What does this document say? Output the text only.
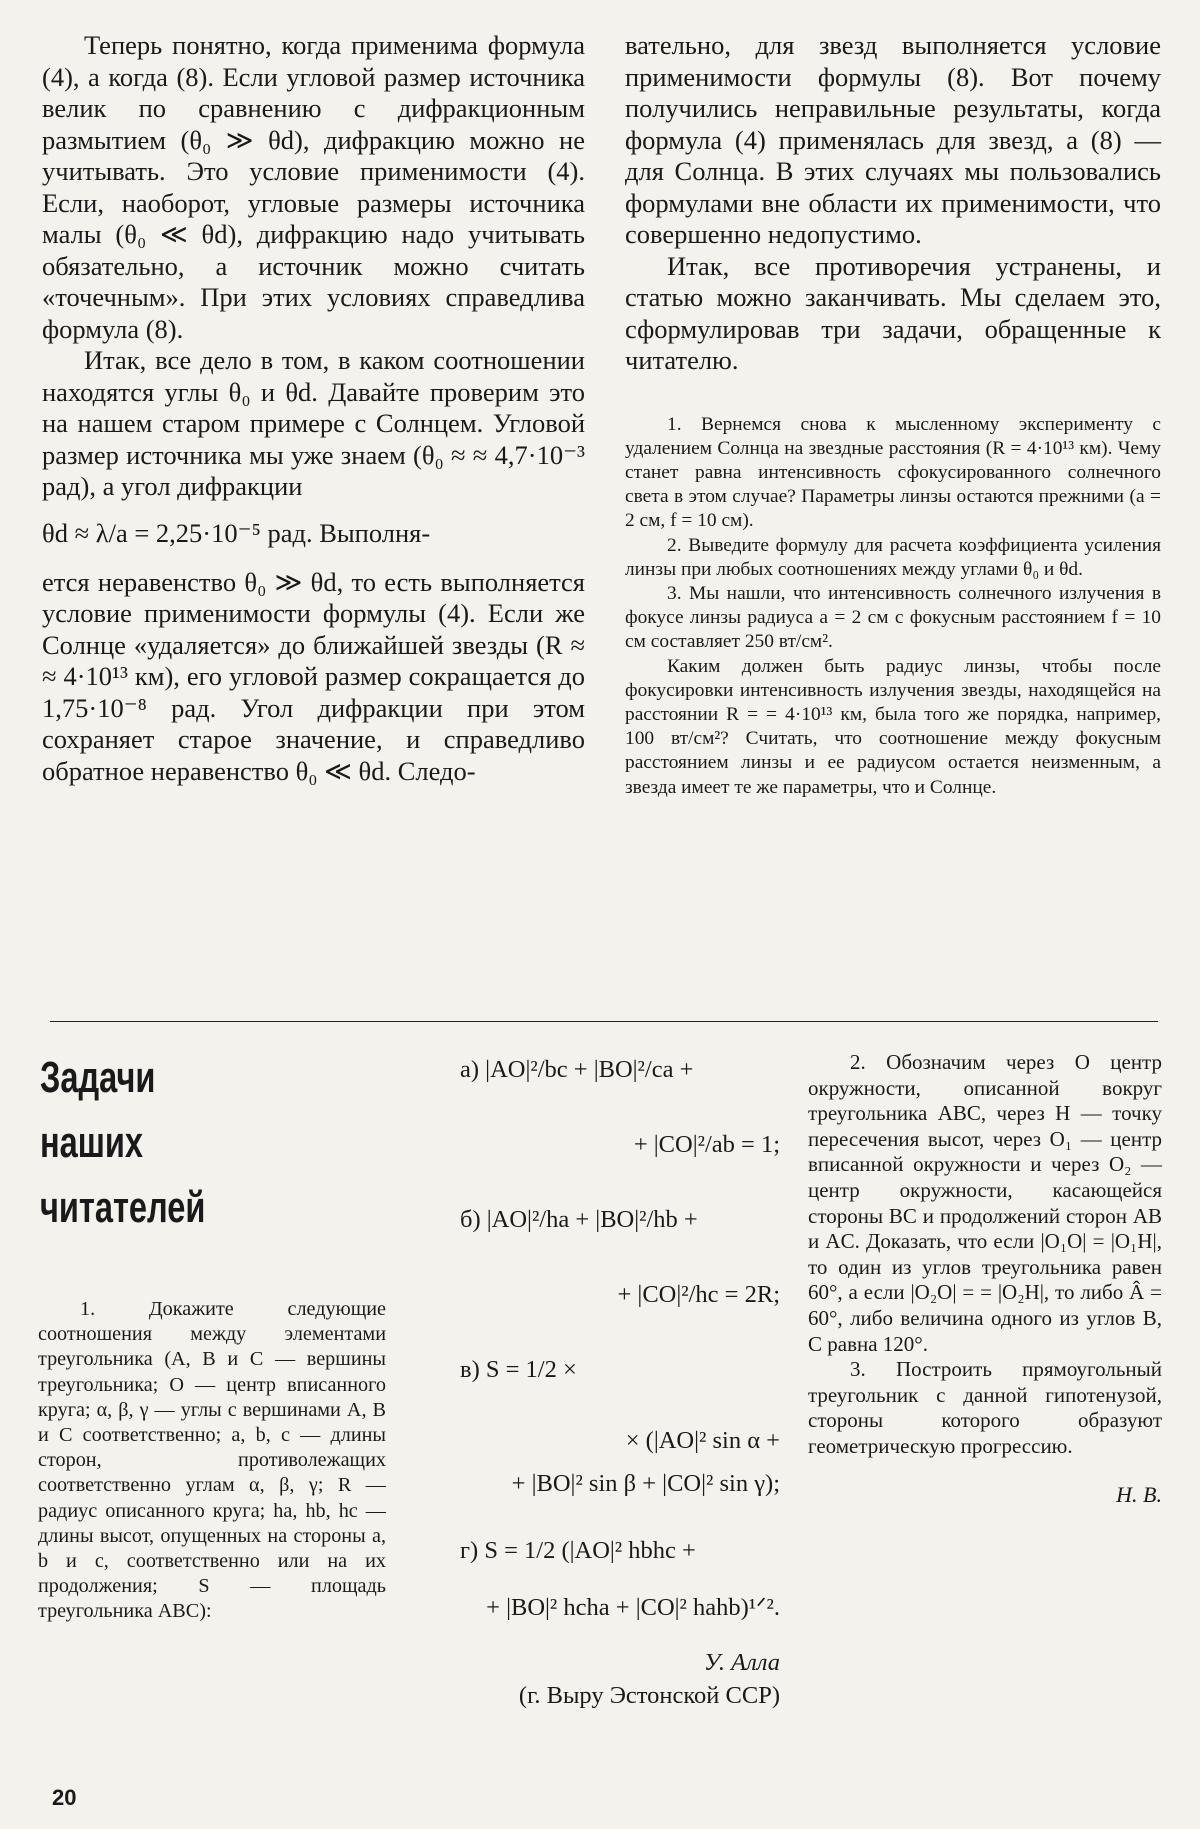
Теперь понятно, когда применима формула (4), а когда (8). Если угловой размер источника велик по сравнению с дифракционным размытием (θ₀ ≫ θd), дифракцию можно не учитывать. Это условие применимости (4). Если, наоборот, угловые размеры источника малы (θ₀ ≪ θd), дифракцию надо учитывать обязательно, а источник можно считать «точечным». При этих условиях справедлива формула (8).

Итак, все дело в том, в каком соотношении находятся углы θ₀ и θd. Давайте проверим это на нашем старом примере с Солнцем. Угловой размер источника мы уже знаем (θ₀ ≈ ≈ 4,7·10⁻³ рад), а угол дифракции

θd ≈ λ/a = 2,25·10⁻⁵ рад. Выполня-

ется неравенство θ₀ ≫ θd, то есть выполняется условие применимости формулы (4). Если же Солнце «удаляется» до ближайшей звезды (R ≈ ≈ 4·10¹³ км), его угловой размер сокращается до 1,75·10⁻⁸ рад. Угол дифракции при этом сохраняет старое значение, и справедливо обратное неравенство θ₀ ≪ θd. Следо-

вательно, для звезд выполняется условие применимости формулы (8). Вот почему получились неправильные результаты, когда формула (4) применялась для звезд, а (8) — для Солнца. В этих случаях мы пользовались формулами вне области их применимости, что совершенно недопустимо.

Итак, все противоречия устранены, и статью можно заканчивать. Мы сделаем это, сформулировав три задачи, обращенные к читателю.

1. Вернемся снова к мысленному эксперименту с удалением Солнца на звездные расстояния (R = 4·10¹³ км). Чему станет равна интенсивность сфокусированного солнечного света в этом случае? Параметры линзы остаются прежними (a = 2 см, f = 10 см).

2. Выведите формулу для расчета коэффициента усиления линзы при любых соотношениях между углами θ₀ и θd.

3. Мы нашли, что интенсивность солнечного излучения в фокусе линзы радиуса a = 2 см с фокусным расстоянием f = 10 см составляет 250 вт/см².

Каким должен быть радиус линзы, чтобы после фокусировки интенсивность излучения звезды, находящейся на расстоянии R = = 4·10¹³ км, была того же порядка, например, 100 вт/см²? Считать, что соотношение между фокусным расстоянием линзы и ее радиусом остается неизменным, а звезда имеет те же параметры, что и Солнце.

Задачи
наших
читателей

1. Докажите следующие соотношения между элементами треугольника (A, B и C — вершины треугольника; O — центр вписанного круга; α, β, γ — углы с вершинами A, B и C соответственно; a, b, c — длины сторон, противолежащих соответственно углам α, β, γ; R — радиус описанного круга; ha, hb, hc — длины высот, опущенных на стороны a, b и c, соответственно или на их продолжения; S — площадь треугольника ABC):

а) |AO|²/bc + |BO|²/ca +
+ |CO|²/ab = 1;
б) |AO|²/ha + |BO|²/hb +
+ |CO|²/hc = 2R;
в) S = 1/2 ×
× (|AO|² sin α +
+ |BO|² sin β + |CO|² sin γ);
г) S = 1/2 (|AO|² hbhc +
+ |BO|² hcha + |CO|² hahb)¹ᐟ².
У. Алла
(г. Выру Эстонской ССР)

2. Обозначим через O центр окружности, описанной вокруг треугольника ABC, через H — точку пересечения высот, через O₁ — центр вписанной окружности и через O₂ — центр окружности, касающейся стороны BC и продолжений сторон AB и AC. Доказать, что если |O₁O| = |O₁H|, то один из углов треугольника равен 60°, а если |O₂O| = = |O₂H|, то либо Â = 60°, либо величина одного из углов B, C равна 120°.

3. Построить прямоугольный треугольник с данной гипотенузой, стороны которого образуют геометрическую прогрессию.

Н. В.
20
